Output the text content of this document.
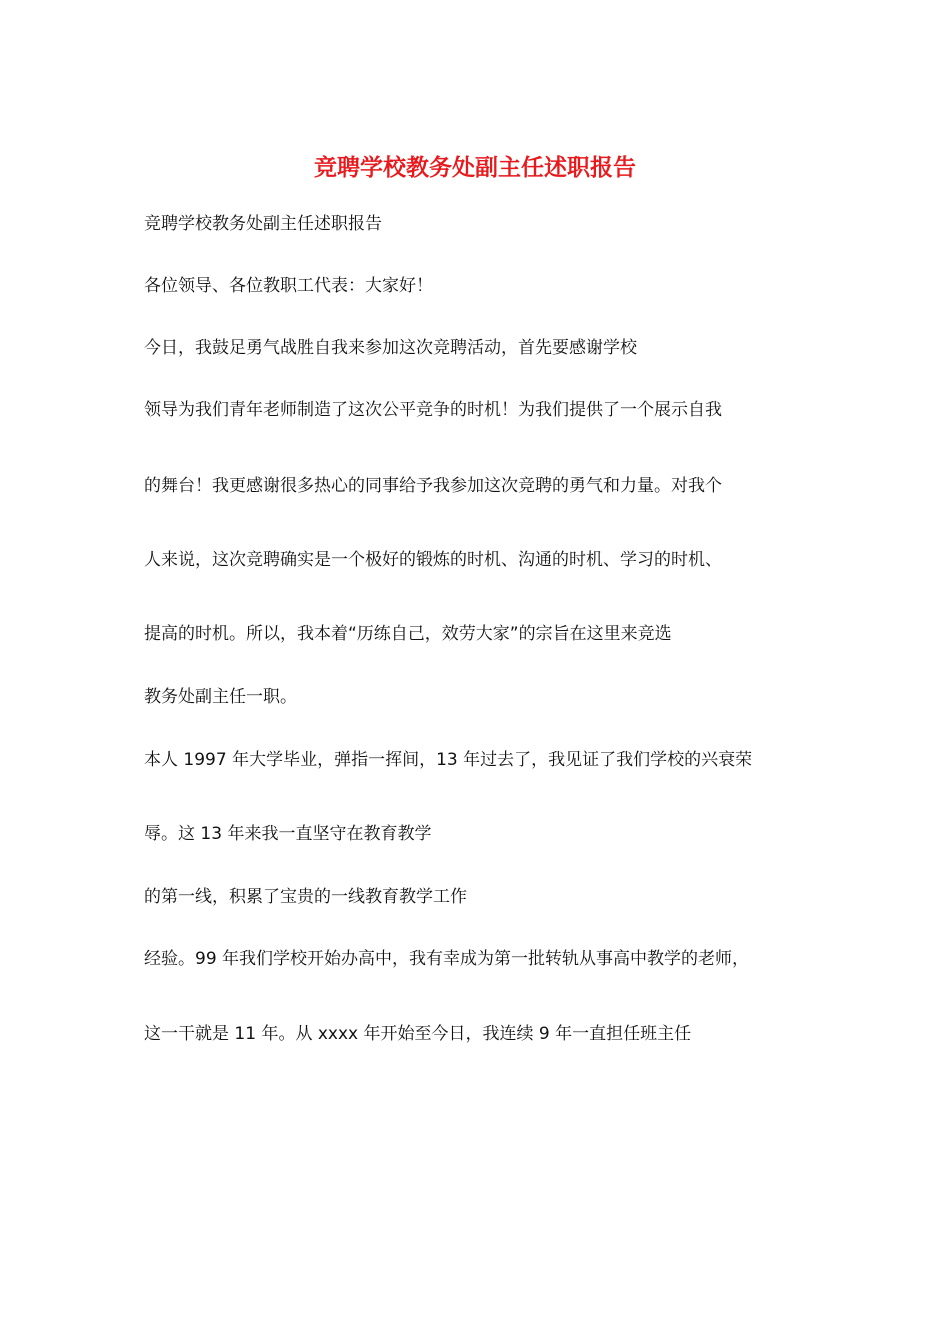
竞聘学校教务处副主任述职报告
竞聘学校教务处副主任述职报告
各位领导、各位教职工代表：大家好！
今日，我鼓足勇气战胜自我来参加这次竞聘活动，首先要感谢学校
领导为我们青年老师制造了这次公平竞争的时机！为我们提供了一个展示自我
的舞台！我更感谢很多热心的同事给予我参加这次竞聘的勇气和力量。对我个
人来说，这次竞聘确实是一个极好的锻炼的时机、沟通的时机、学习的时机、
提高的时机。所以，我本着“历练自己，效劳大家”的宗旨在这里来竞选
教务处副主任一职。
本人 1997 年大学毕业，弹指一挥间，13 年过去了，我见证了我们学校的兴衰荣
辱。这 13 年来我一直坚守在教育教学
的第一线，积累了宝贵的一线教育教学工作
经验。99 年我们学校开始办高中，我有幸成为第一批转轨从事高中教学的老师，
这一干就是 11 年。从 xxxx 年开始至今日，我连续 9 年一直担任班主任
